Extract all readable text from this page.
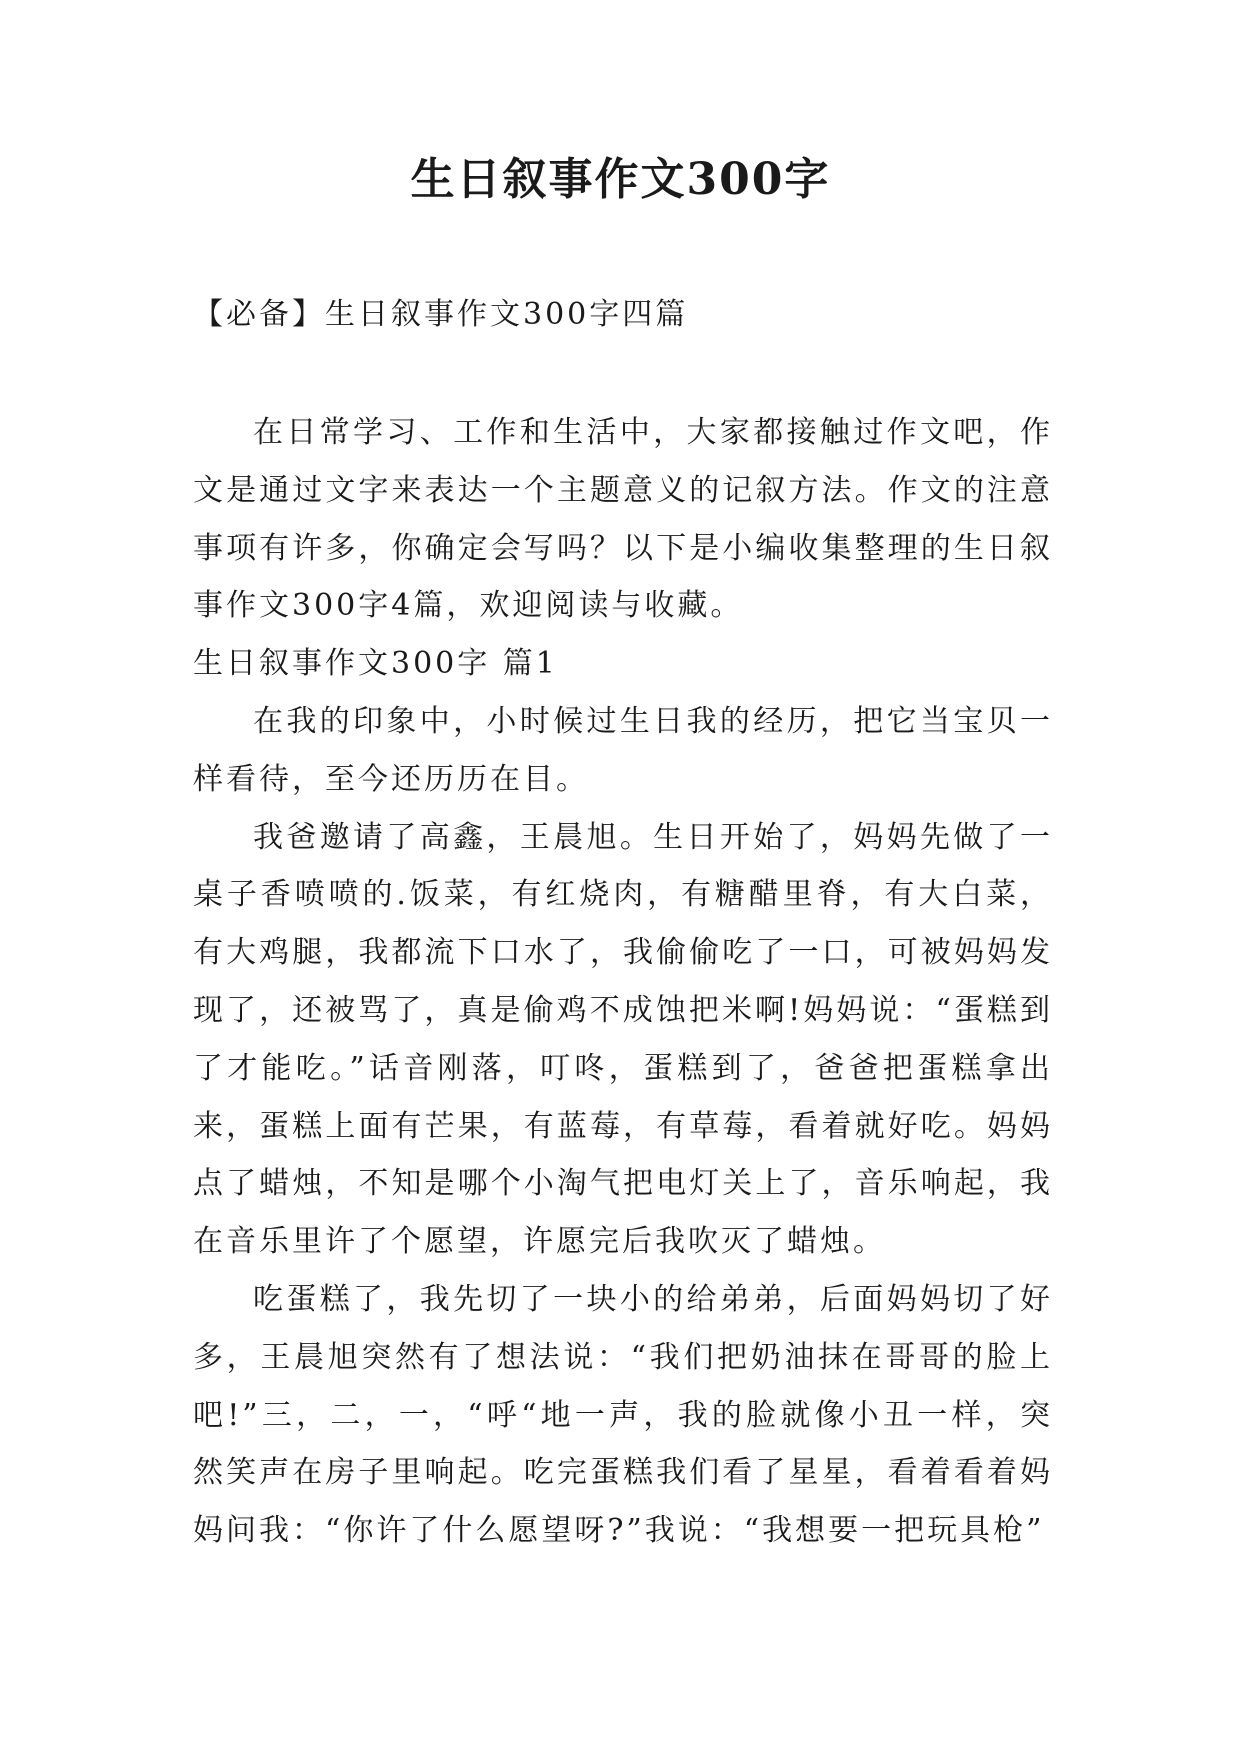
生日叙事作文300字
【必备】生日叙事作文300字四篇

在日常学习、工作和生活中，大家都接触过作文吧，作文是通过文字来表达一个主题意义的记叙方法。作文的注意事项有许多，你确定会写吗？以下是小编收集整理的生日叙事作文300字4篇，欢迎阅读与收藏。

生日叙事作文300字 篇1

在我的印象中，小时候过生日我的经历，把它当宝贝一样看待，至今还历历在目。

我爸邀请了高鑫，王晨旭。生日开始了，妈妈先做了一桌子香喷喷的.饭菜，有红烧肉，有糖醋里脊，有大白菜，有大鸡腿，我都流下口水了，我偷偷吃了一口，可被妈妈发现了，还被骂了，真是偷鸡不成蚀把米啊!妈妈说：“蛋糕到了才能吃。”话音刚落，叮咚，蛋糕到了，爸爸把蛋糕拿出来，蛋糕上面有芒果，有蓝莓，有草莓，看着就好吃。妈妈点了蜡烛，不知是哪个小淘气把电灯关上了，音乐响起，我在音乐里许了个愿望，许愿完后我吹灭了蜡烛。

吃蛋糕了，我先切了一块小的给弟弟，后面妈妈切了好多，王晨旭突然有了想法说：“我们把奶油抹在哥哥的脸上吧!”三，二，一，“呼“地一声，我的脸就像小丑一样，突然笑声在房子里响起。吃完蛋糕我们看了星星，看着看着妈妈问我：“你许了什么愿望呀?”我说：“我想要一把玩具枪”
